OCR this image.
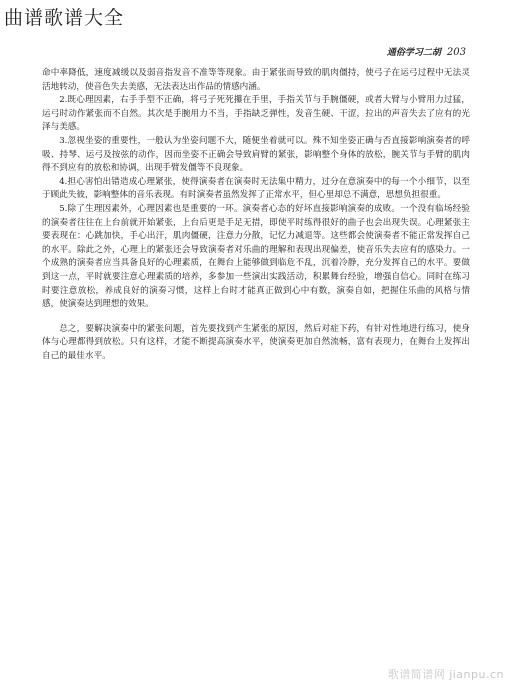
曲谱歌谱大全
通俗学习二胡 203

命中率降低，速度减缓以及弱音指发音不准等等现象。由于紧张而导致的肌肉僵持，使弓子在运弓过程中无法灵活地转动，使音色失去美感，无法表达出作品的情感内涵。

2.既心理因素，右手手型不正确，将弓子死死攥在手里，手指关节与手腕僵硬，或者大臂与小臂用力过猛，运弓时动作紧张而不自然。其次是手腕用力不当，手指缺乏弹性，发音生硬、干涩，拉出的声音失去了应有的光泽与美感。

3.忽视坐姿的重要性，一般认为坐姿问题不大，随便坐着就可以。殊不知坐姿正确与否直接影响演奏者的呼吸、持琴、运弓及按弦的动作，因而坐姿不正确会导致肩臂的紧张，影响整个身体的放松，腕关节与手臂的肌肉得不到应有的放松和协调，出现手臂发僵等不良现象。

4.担心害怕出错造成心理紧张，使得演奏者在演奏时无法集中精力，过分在意演奏中的每一个小细节，以至于顾此失彼，影响整体的音乐表现。有时演奏者虽然发挥了正常水平，但心里却总不满意，思想负担很重。

5.除了生理因素外，心理因素也是重要的一环。演奏者心态的好坏直接影响演奏的成败。一个没有临场经验的演奏者往往在上台前就开始紧张，上台后更是手足无措，即使平时练得很好的曲子也会出现失误。心理紧张主要表现在：心跳加快，手心出汗，肌肉僵硬，注意力分散，记忆力减退等。这些都会使演奏者不能正常发挥自己的水平。除此之外，心理上的紧张还会导致演奏者对乐曲的理解和表现出现偏差，使音乐失去应有的感染力。一个成熟的演奏者应当具备良好的心理素质，在舞台上能够做到临危不乱，沉着冷静，充分发挥自己的水平。要做到这一点，平时就要注意心理素质的培养，多参加一些演出实践活动，积累舞台经验，增强自信心。同时在练习时要注意放松，养成良好的演奏习惯，这样上台时才能真正做到心中有数，演奏自如，把握住乐曲的风格与情感，使演奏达到理想的效果。

总之，要解决演奏中的紧张问题，首先要找到产生紧张的原因，然后对症下药，有针对性地进行练习，使身体与心理都得到放松。只有这样，才能不断提高演奏水平，使演奏更加自然流畅，富有表现力，在舞台上发挥出自己的最佳水平。

歌谱简谱网 jianpu.cn
